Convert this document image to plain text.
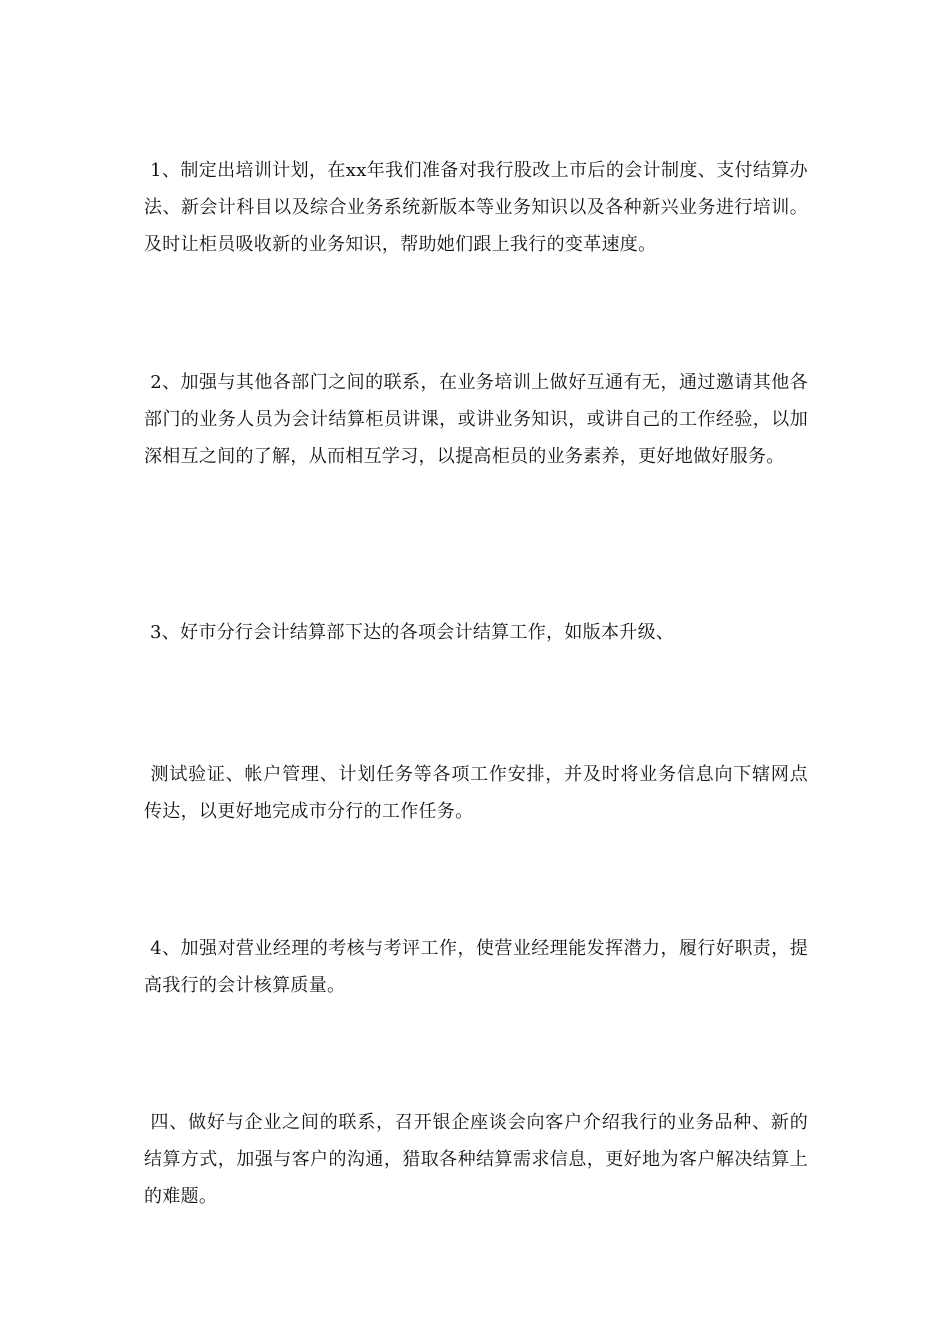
1、制定出培训计划，在xx年我们准备对我行股改上市后的会计制度、支付结算办法、新会计科目以及综合业务系统新版本等业务知识以及各种新兴业务进行培训。及时让柜员吸收新的业务知识，帮助她们跟上我行的变革速度。

2、加强与其他各部门之间的联系，在业务培训上做好互通有无，通过邀请其他各部门的业务人员为会计结算柜员讲课，或讲业务知识，或讲自己的工作经验，以加深相互之间的了解，从而相互学习，以提高柜员的业务素养，更好地做好服务。

3、好市分行会计结算部下达的各项会计结算工作，如版本升级、

测试验证、帐户管理、计划任务等各项工作安排，并及时将业务信息向下辖网点传达，以更好地完成市分行的工作任务。

4、加强对营业经理的考核与考评工作，使营业经理能发挥潜力，履行好职责，提高我行的会计核算质量。

四、做好与企业之间的联系，召开银企座谈会向客户介绍我行的业务品种、新的结算方式，加强与客户的沟通，猎取各种结算需求信息，更好地为客户解决结算上的难题。
